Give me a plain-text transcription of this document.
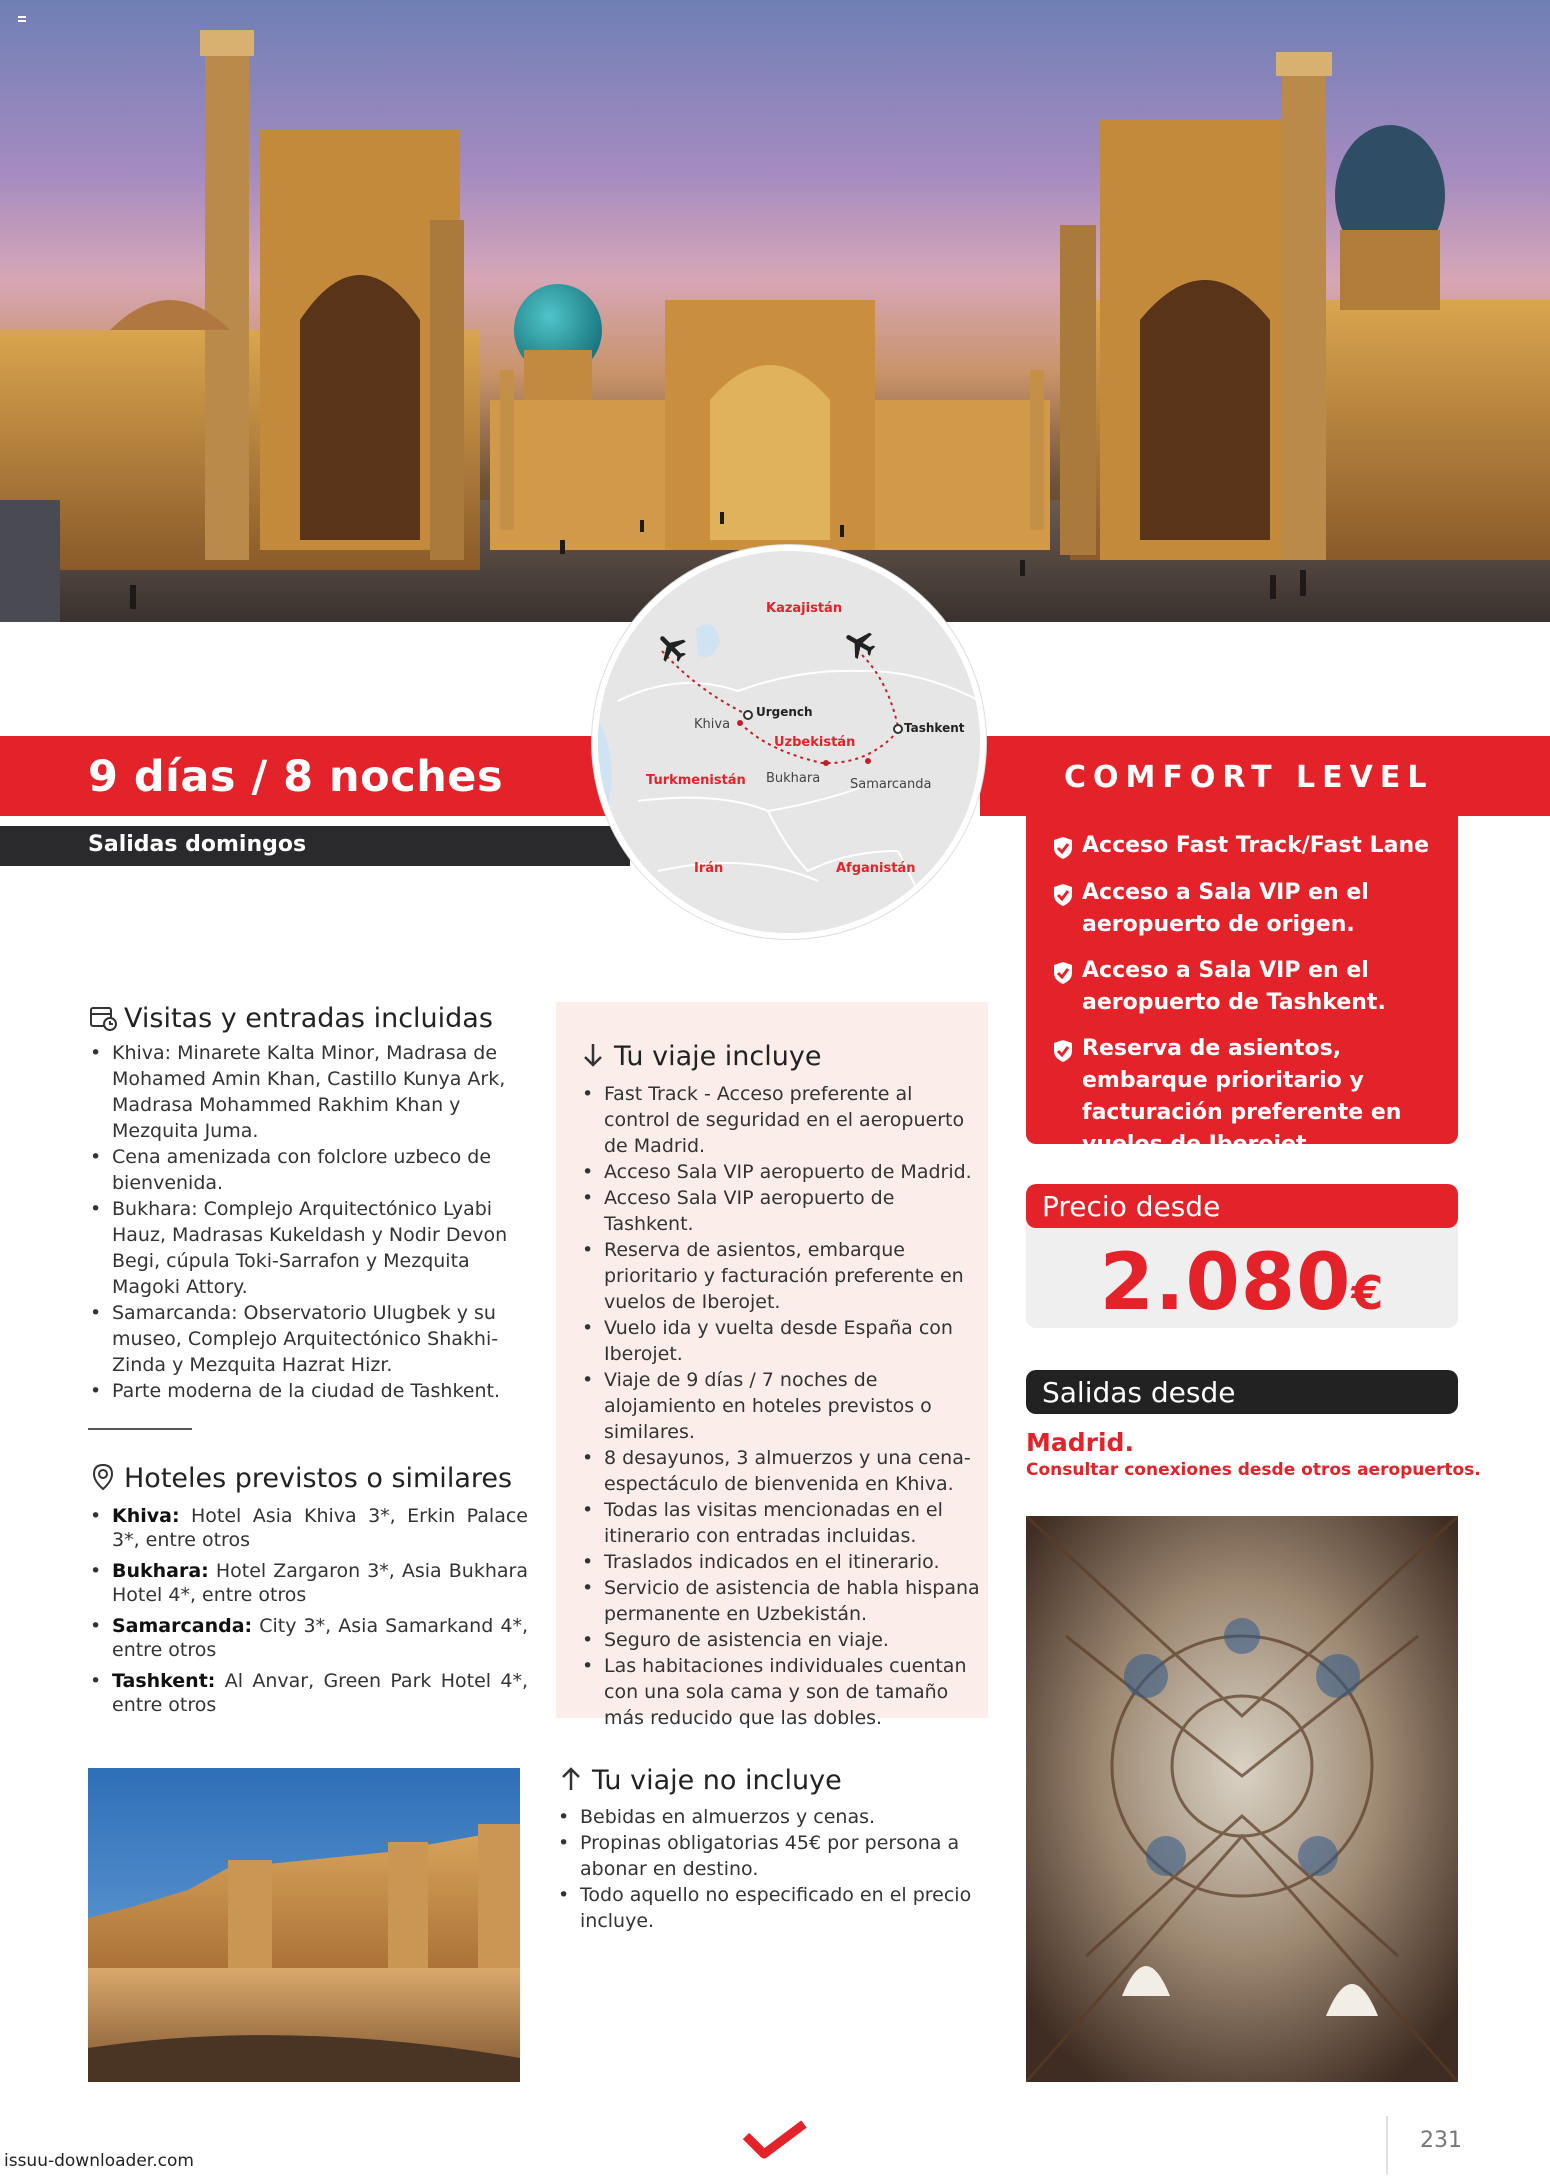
9 días / 8 noches
Salidas domingos
COMFORT LEVEL
Kazajistán
Urgench
Khiva
Uzbekistán
Tashkent
Turkmenistán Bukhara Samarcanda
Irán	Afganistán
Acceso Fast Track/Fast Lane
Acceso a Sala VIP en el aeropuerto de origen.
Acceso a Sala VIP en el aeropuerto de Tashkent.
Reserva de asientos, embarque prioritario y facturación preferente en vuelos de Iberojet.
Precio desde
2.080€
Salidas desde
Madrid.
Consultar conexiones desde otros aeropuertos.
Visitas y entradas incluidas
• Khiva: Minarete Kalta Minor, Madrasa de Mohamed Amin Khan, Castillo Kunya Ark, Madrasa Mohammed Rakhim Khan y Mezquita Juma.
• Cena amenizada con folclore uzbeco de bienvenida.
• Bukhara: Complejo Arquitectónico Lyabi Hauz, Madrasas Kukeldash y Nodir Devon Begi, cúpula Toki-Sarrafon y Mezquita Magoki Attory.
• Samarcanda: Observatorio Ulugbek y su museo, Complejo Arquitectónico Shakhi-Zinda y Mezquita Hazrat Hizr.
• Parte moderna de la ciudad de Tashkent.
Hoteles previstos o similares
• Khiva: Hotel Asia Khiva 3*, Erkin Palace 3*, entre otros
• Bukhara: Hotel Zargaron 3*, Asia Bukhara Hotel 4*, entre otros
• Samarcanda: City 3*, Asia Samarkand 4*, entre otros
• Tashkent: Al Anvar, Green Park Hotel 4*, entre otros
Tu viaje incluye
• Fast Track - Acceso preferente al control de seguridad en el aeropuerto de Madrid.
• Acceso Sala VIP aeropuerto de Madrid.
• Acceso Sala VIP aeropuerto de Tashkent.
• Reserva de asientos, embarque prioritario y facturación preferente en vuelos de Iberojet.
• Vuelo ida y vuelta desde España con Iberojet.
• Viaje de 9 días / 7 noches de alojamiento en hoteles previstos o similares.
• 8 desayunos, 3 almuerzos y una cena-espectáculo de bienvenida en Khiva.
• Todas las visitas mencionadas en el itinerario con entradas incluidas.
• Traslados indicados en el itinerario.
• Servicio de asistencia de habla hispana permanente en Uzbekistán.
• Seguro de asistencia en viaje.
• Las habitaciones individuales cuentan con una sola cama y son de tamaño más reducido que las dobles.
Tu viaje no incluye
• Bebidas en almuerzos y cenas.
• Propinas obligatorias 45€ por persona a abonar en destino.
• Todo aquello no especificado en el precio incluye.
231
issuu-downloader.com
